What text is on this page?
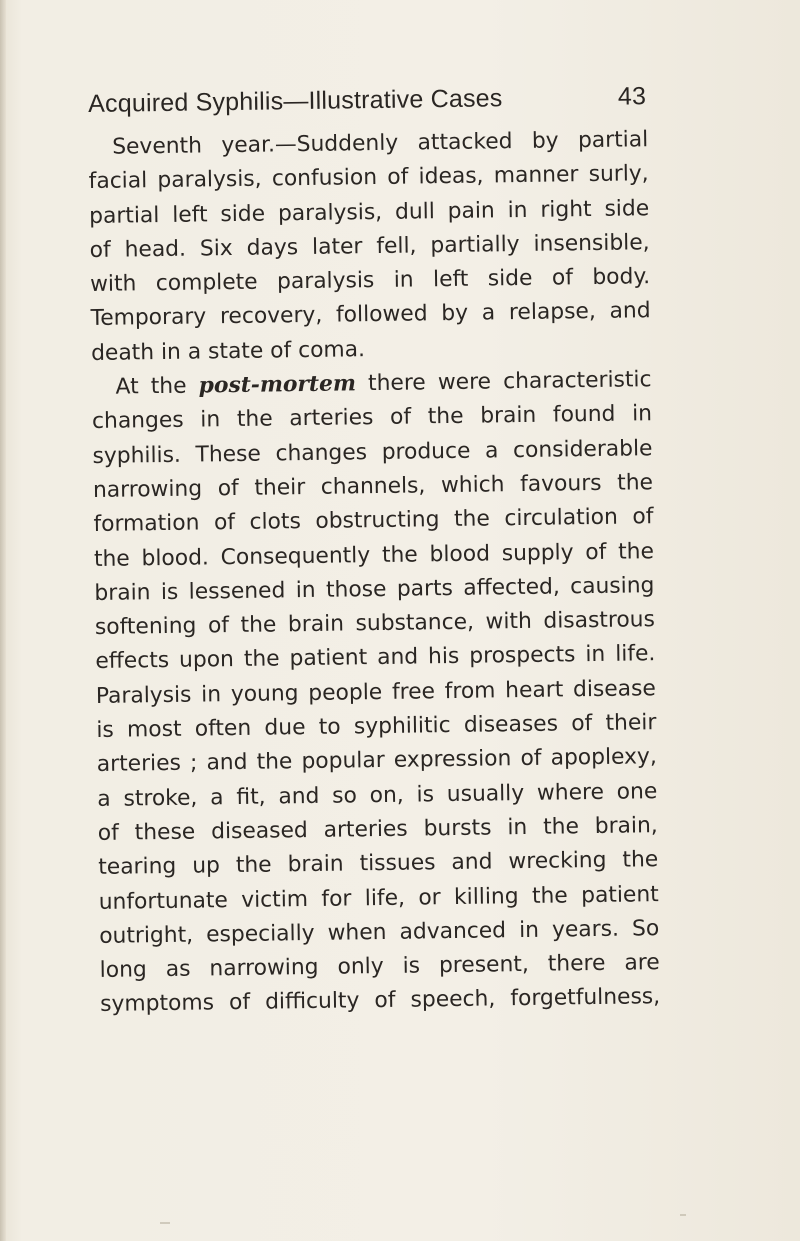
Acquired Syphilis—Illustrative Cases	43
Seventh year.—Suddenly attacked by partial
facial paralysis, confusion of ideas, manner surly,
partial left side paralysis, dull pain in right side
of head. Six days later fell, partially insensible,
with complete paralysis in left side of body.
Temporary recovery, followed by a relapse, and
death in a state of coma.
At the post-mortem there were characteristic
changes in the arteries of the brain found in
syphilis. These changes produce a considerable
narrowing of their channels, which favours the
formation of clots obstructing the circulation of
the blood. Consequently the blood supply of the
brain is lessened in those parts affected, causing
softening of the brain substance, with disastrous
effects upon the patient and his prospects in life.
Paralysis in young people free from heart disease
is most often due to syphilitic diseases of their
arteries ; and the popular expression of apoplexy,
a stroke, a fit, and so on, is usually where one
of these diseased arteries bursts in the brain,
tearing up the brain tissues and wrecking the
unfortunate victim for life, or killing the patient
outright, especially when advanced in years. So
long as narrowing only is present, there are
symptoms of difficulty of speech, forgetfulness,
